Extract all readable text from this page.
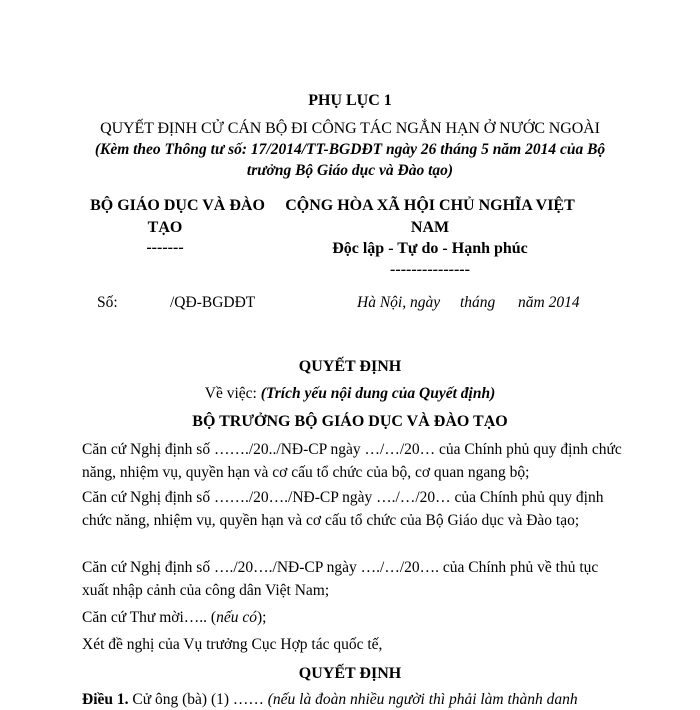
PHỤ LỤC 1
QUYẾT ĐỊNH CỬ CÁN BỘ ĐI CÔNG TÁC NGẮN HẠN Ở NƯỚC NGOÀI
(Kèm theo Thông tư số: 17/2014/TT-BGDĐT ngày 26 tháng 5 năm 2014 của Bộ
trưởng Bộ Giáo dục và Đào tạo)
BỘ GIÁO DỤC VÀ ĐÀO
TẠO
-------
CỘNG HÒA XÃ HỘI CHỦ NGHĨA VIỆT
NAM
Độc lập - Tự do - Hạnh phúc
---------------
Số:	/QĐ-BGDĐT	Hà Nội, ngày tháng năm 2014
QUYẾT ĐỊNH
Về việc: (Trích yếu nội dung của Quyết định)
BỘ TRƯỞNG BỘ GIÁO DỤC VÀ ĐÀO TẠO
Căn cứ Nghị định số ……./20../NĐ-CP ngày …/…/20… của Chính phủ quy định chức năng, nhiệm vụ, quyền hạn và cơ cấu tổ chức của bộ, cơ quan ngang bộ;
Căn cứ Nghị định số ……./20…./NĐ-CP ngày …./…/20… của Chính phủ quy định chức năng, nhiệm vụ, quyền hạn và cơ cấu tổ chức của Bộ Giáo dục và Đào tạo;
Căn cứ Nghị định số …./20…./NĐ-CP ngày …./…/20…. của Chính phủ về thủ tục xuất nhập cảnh của công dân Việt Nam;
Căn cứ Thư mời….. (nếu có);
Xét đề nghị của Vụ trưởng Cục Hợp tác quốc tế,
QUYẾT ĐỊNH
Điều 1. Cử ông (bà) (1) …… (nếu là đoàn nhiều người thì phải làm thành danh
